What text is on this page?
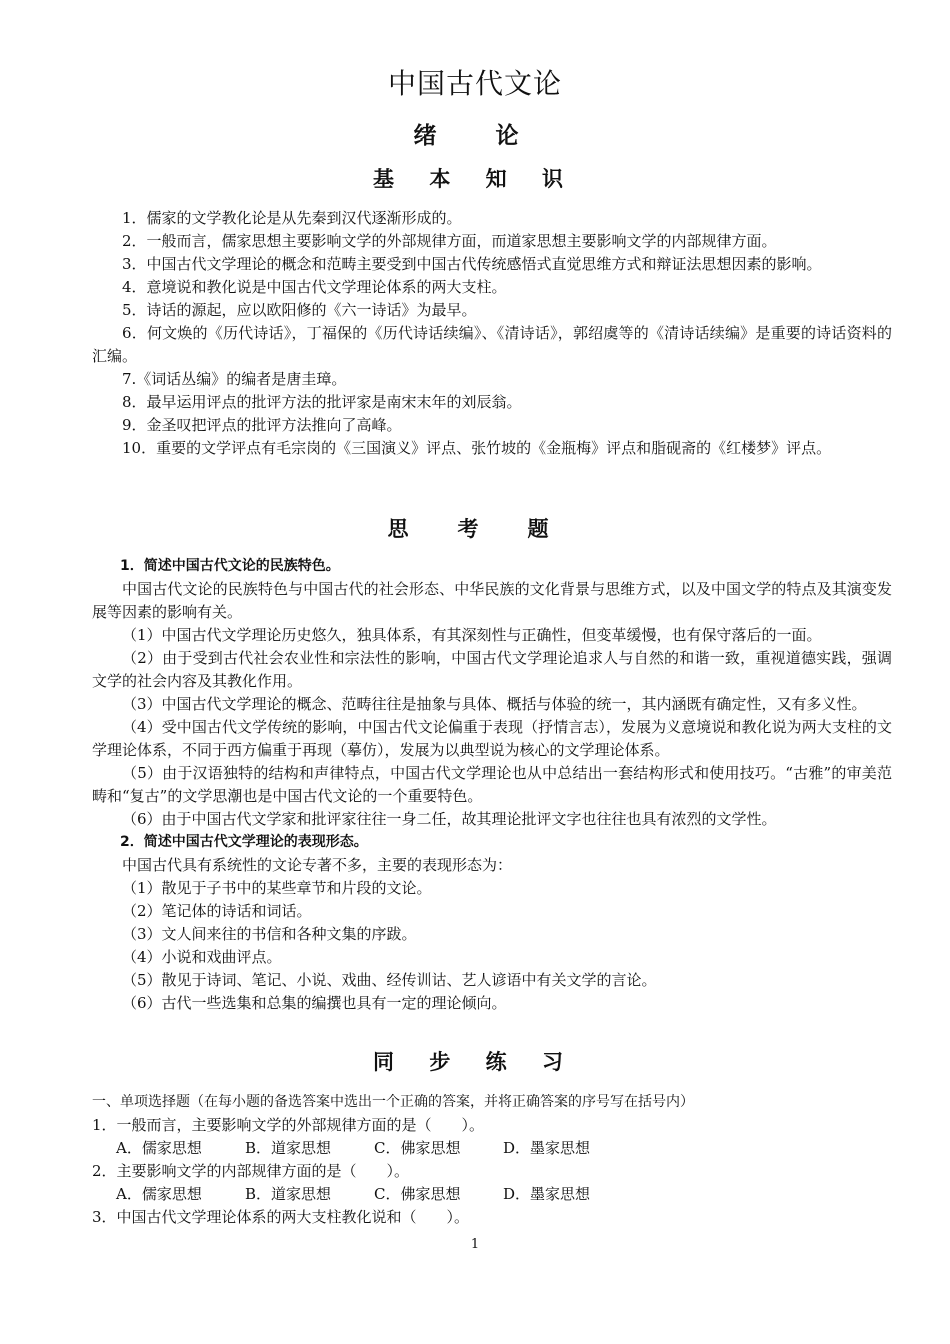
中国古代文论
绪　论
基 本 知 识

1．儒家的文学教化论是从先秦到汉代逐渐形成的。

2．一般而言，儒家思想主要影响文学的外部规律方面，而道家思想主要影响文学的内部规律方面。

3．中国古代文学理论的概念和范畴主要受到中国古代传统感悟式直觉思维方式和辩证法思想因素的影响。

4．意境说和教化说是中国古代文学理论体系的两大支柱。

5．诗话的源起，应以欧阳修的《六一诗话》为最早。

6．何文焕的《历代诗话》，丁福保的《历代诗话续编》、《清诗话》，郭绍虞等的《清诗话续编》是重要的诗话资料的汇编。

7.《词话丛编》的编者是唐圭璋。

8．最早运用评点的批评方法的批评家是南宋末年的刘辰翁。

9．金圣叹把评点的批评方法推向了高峰。

10．重要的文学评点有毛宗岗的《三国演义》评点、张竹坡的《金瓶梅》评点和脂砚斋的《红楼梦》评点。

思　考　题

1．简述中国古代文论的民族特色。

中国古代文论的民族特色与中国古代的社会形态、中华民族的文化背景与思维方式，以及中国文学的特点及其演变发展等因素的影响有关。

（1）中国古代文学理论历史悠久，独具体系，有其深刻性与正确性，但变革缓慢，也有保守落后的一面。

（2）由于受到古代社会农业性和宗法性的影响，中国古代文学理论追求人与自然的和谐一致，重视道德实践，强调文学的社会内容及其教化作用。

（3）中国古代文学理论的概念、范畴往往是抽象与具体、概括与体验的统一，其内涵既有确定性，又有多义性。

（4）受中国古代文学传统的影响，中国古代文论偏重于表现（抒情言志），发展为义意境说和教化说为两大支柱的文学理论体系，不同于西方偏重于再现（摹仿），发展为以典型说为核心的文学理论体系。

（5）由于汉语独特的结构和声律特点，中国古代文学理论也从中总结出一套结构形式和使用技巧。“古雅”的审美范畴和“复古”的文学思潮也是中国古代文论的一个重要特色。

（6）由于中国古代文学家和批评家往往一身二任，故其理论批评文字也往往也具有浓烈的文学性。

2．简述中国古代文学理论的表现形态。

中国古代具有系统性的文论专著不多，主要的表现形态为：

（1）散见于子书中的某些章节和片段的文论。

（2）笔记体的诗话和词话。

（3）文人间来往的书信和各种文集的序跋。

（4）小说和戏曲评点。

（5）散见于诗词、笔记、小说、戏曲、经传训诂、艺人谚语中有关文学的言论。

（6）古代一些选集和总集的编撰也具有一定的理论倾向。

同 步 练 习

一、单项选择题（在每小题的备选答案中选出一个正确的答案，并将正确答案的序号写在括号内）

1．一般而言，主要影响文学的外部规律方面的是（　　）。

A．儒家思想	B．道家思想	C．佛家思想	D．墨家思想

2．主要影响文学的内部规律方面的是（　　）。

A．儒家思想	B．道家思想	C．佛家思想	D．墨家思想

3．中国古代文学理论体系的两大支柱教化说和（　　）。

1
